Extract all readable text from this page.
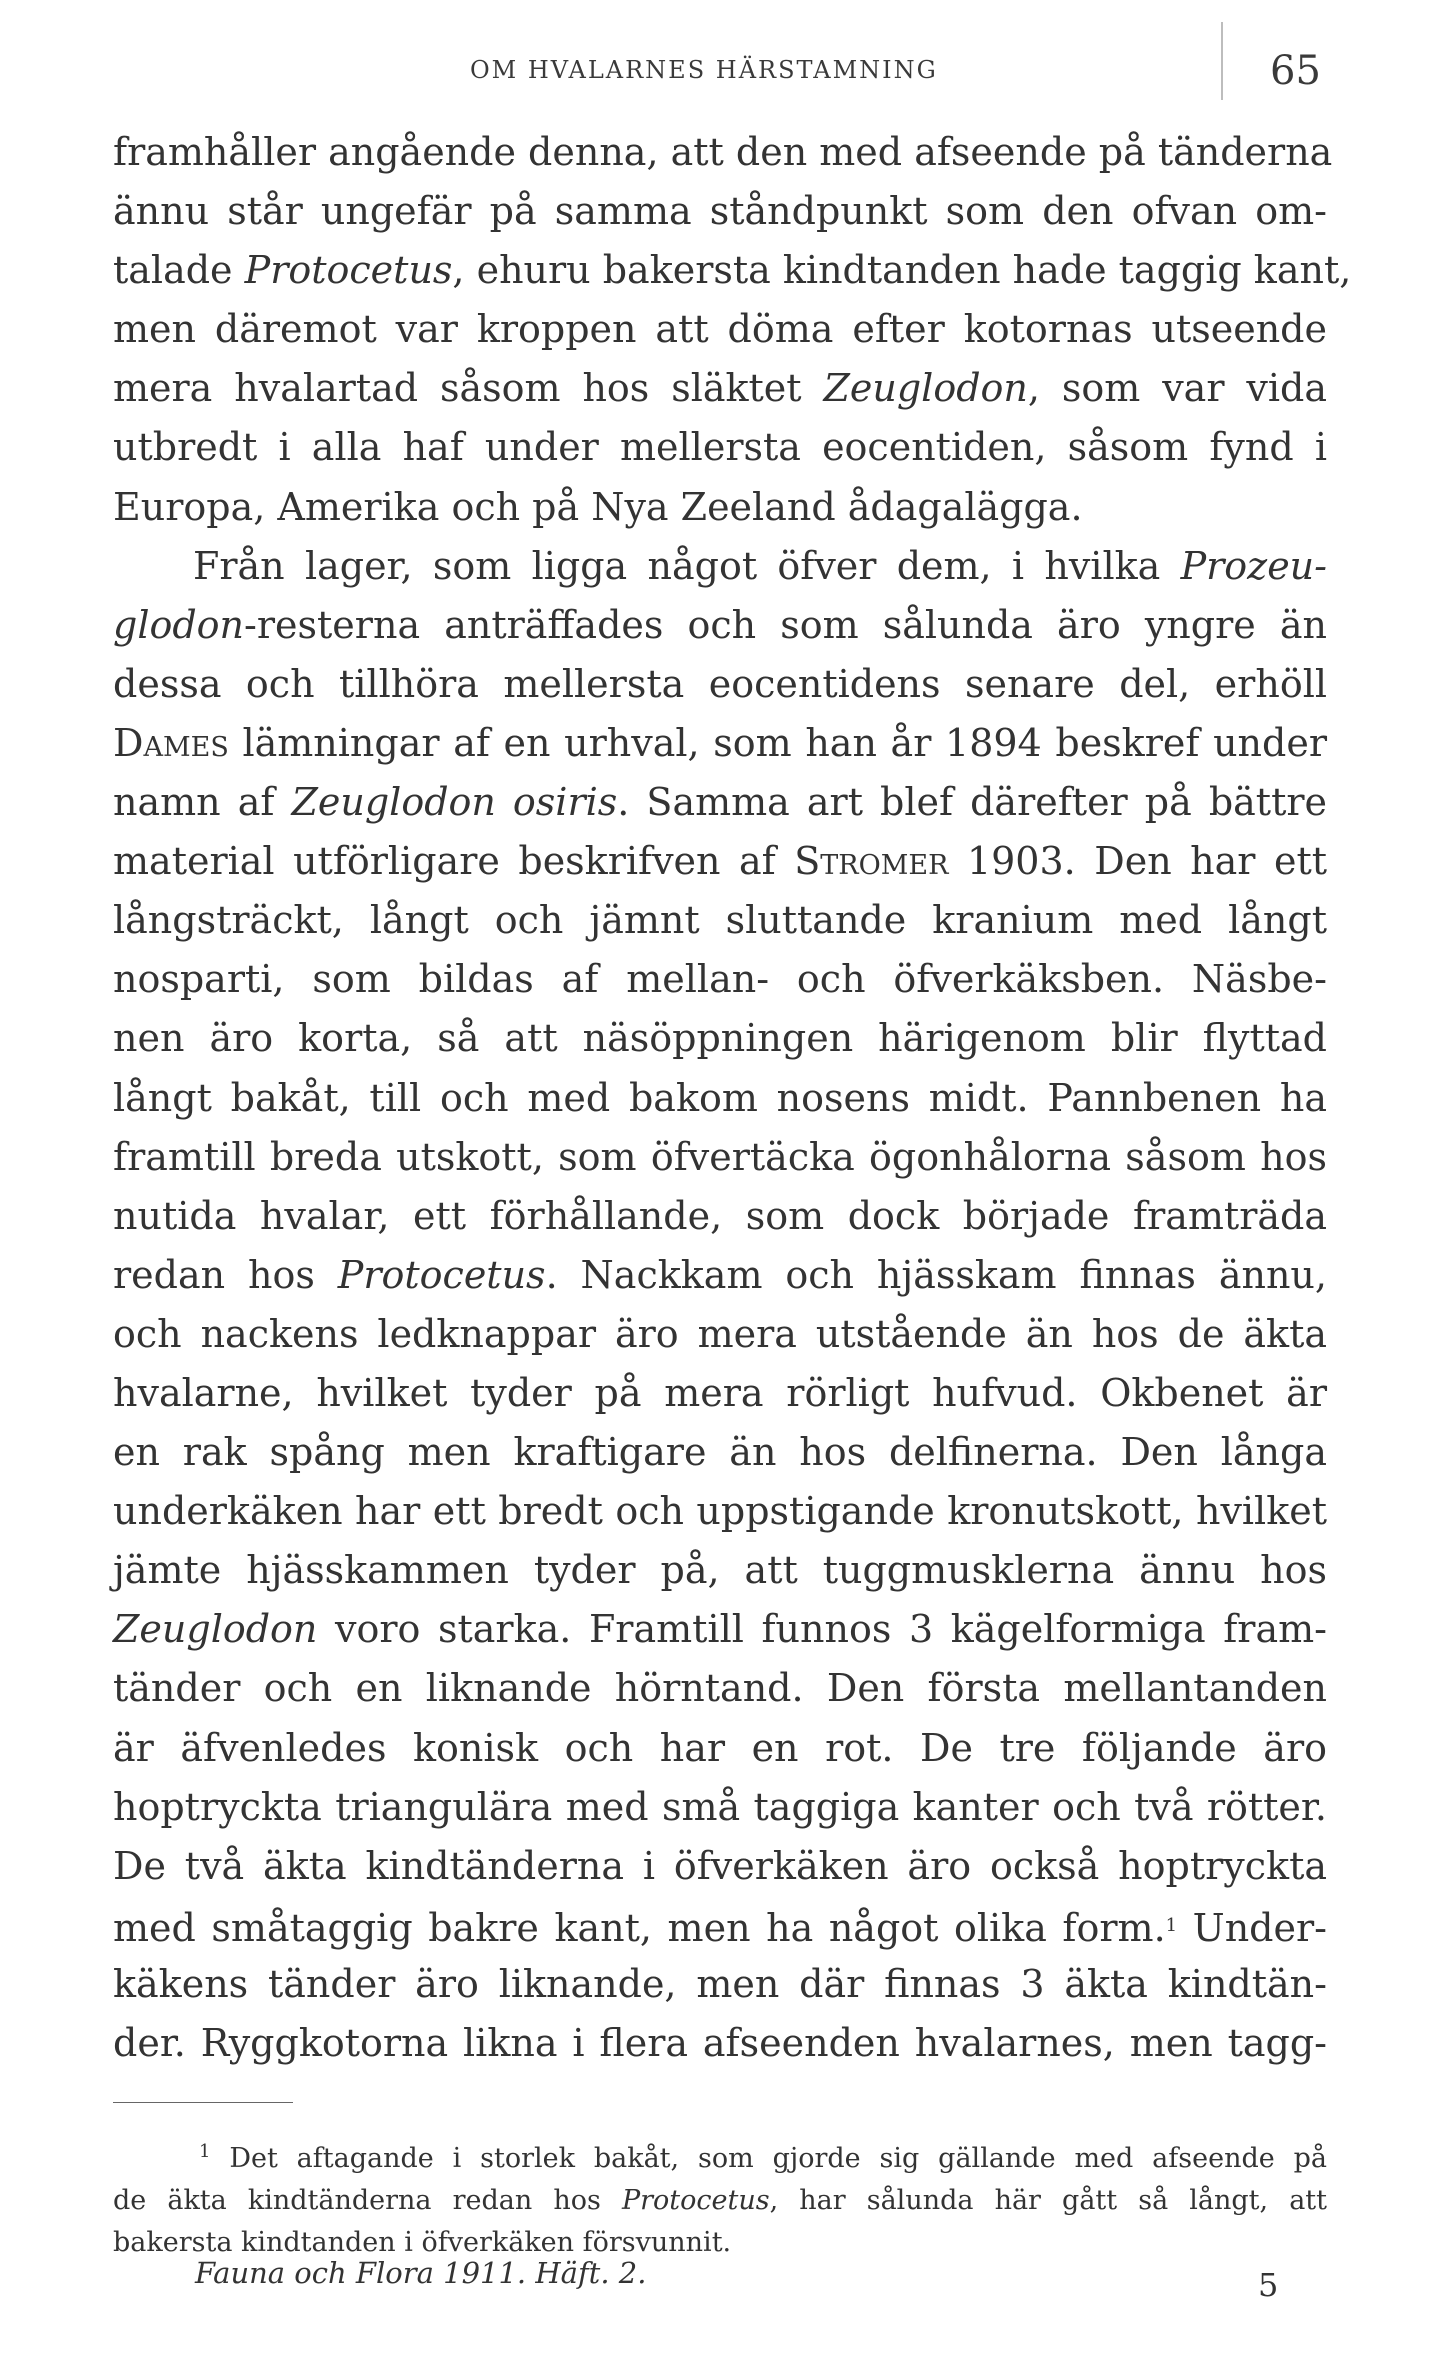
OM HVALARNES HÄRSTAMNING	65
framhåller angående denna, att den med afseende på tänderna
ännu står ungefär på samma ståndpunkt som den ofvan om-
talade Protocetus, ehuru bakersta kindtanden hade taggig kant,
men däremot var kroppen att döma efter kotornas utseende
mera hvalartad såsom hos släktet Zeuglodon, som var vida
utbredt i alla haf under mellersta eocentiden, såsom fynd i
Europa, Amerika och på Nya Zeeland ådagalägga.
Från lager, som ligga något öfver dem, i hvilka Prozeu-
glodon-resterna anträffades och som sålunda äro yngre än
dessa och tillhöra mellersta eocentidens senare del, erhöll
Dames lämningar af en urhval, som han år 1894 beskref under
namn af Zeuglodon osiris. Samma art blef därefter på bättre
material utförligare beskrifven af Stromer 1903. Den har ett
långsträckt, långt och jämnt sluttande kranium med långt
nosparti, som bildas af mellan- och öfverkäksben. Näsbe-
nen äro korta, så att näsöppningen härigenom blir flyttad
långt bakåt, till och med bakom nosens midt. Pannbenen ha
framtill breda utskott, som öfvertäcka ögonhålorna såsom hos
nutida hvalar, ett förhållande, som dock började framträda
redan hos Protocetus. Nackkam och hjässkam finnas ännu,
och nackens ledknappar äro mera utstående än hos de äkta
hvalarne, hvilket tyder på mera rörligt hufvud. Okbenet är
en rak spång men kraftigare än hos delfinerna. Den långa
underkäken har ett bredt och uppstigande kronutskott, hvilket
jämte hjässkammen tyder på, att tuggmusklerna ännu hos
Zeuglodon voro starka. Framtill funnos 3 kägelformiga fram-
tänder och en liknande hörntand. Den första mellantanden
är äfvenledes konisk och har en rot. De tre följande äro
hoptryckta triangulära med små taggiga kanter och två rötter.
De två äkta kindtänderna i öfverkäken äro också hoptryckta
med småtaggig bakre kant, men ha något olika form.$^1$ Under-
käkens tänder äro liknande, men där finnas 3 äkta kindtän-
der. Ryggkotorna likna i flera afseenden hvalarnes, men tagg-
$^1$ Det aftagande i storlek bakåt, som gjorde sig gällande med afseende på
de äkta kindtänderna redan hos Protocetus, har sålunda här gått så långt, att
bakersta kindtanden i öfverkäken försvunnit.
Fauna och Flora 1911. Häft. 2.	5
